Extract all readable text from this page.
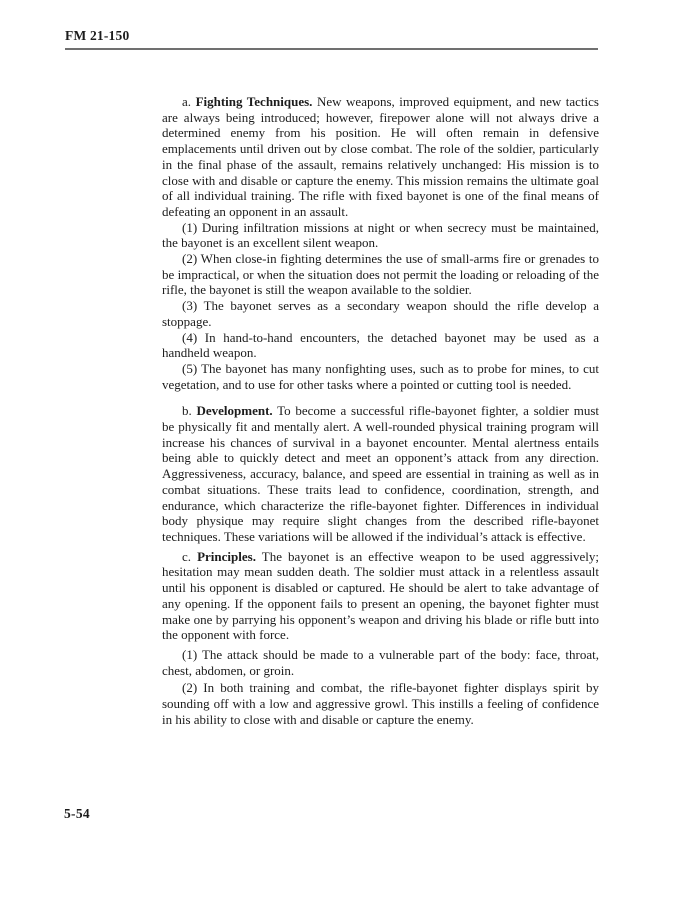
FM 21-150

a. Fighting Techniques. New weapons, improved equipment, and new tactics are always being introduced; however, firepower alone will not always drive a determined enemy from his position. He will often remain in defensive emplacements until driven out by close combat. The role of the soldier, particularly in the final phase of the assault, remains relatively unchanged: His mission is to close with and disable or capture the enemy. This mission remains the ultimate goal of all individual training. The rifle with fixed bayonet is one of the final means of defeating an opponent in an assault.

(1) During infiltration missions at night or when secrecy must be maintained, the bayonet is an excellent silent weapon.

(2) When close-in fighting determines the use of small-arms fire or grenades to be impractical, or when the situation does not permit the loading or reloading of the rifle, the bayonet is still the weapon available to the soldier.

(3) The bayonet serves as a secondary weapon should the rifle develop a stoppage.

(4) In hand-to-hand encounters, the detached bayonet may be used as a handheld weapon.

(5) The bayonet has many nonfighting uses, such as to probe for mines, to cut vegetation, and to use for other tasks where a pointed or cutting tool is needed.

b. Development. To become a successful rifle-bayonet fighter, a soldier must be physically fit and mentally alert. A well-rounded physical training program will increase his chances of survival in a bayonet encounter. Mental alertness entails being able to quickly detect and meet an opponent’s attack from any direction. Aggressiveness, accuracy, balance, and speed are essential in training as well as in combat situations. These traits lead to confidence, coordination, strength, and endurance, which characterize the rifle-bayonet fighter. Differences in individual body physique may require slight changes from the described rifle-bayonet techniques. These variations will be allowed if the individual’s attack is effective.

c. Principles. The bayonet is an effective weapon to be used aggressively; hesitation may mean sudden death. The soldier must attack in a relentless assault until his opponent is disabled or captured. He should be alert to take advantage of any opening. If the opponent fails to present an opening, the bayonet fighter must make one by parrying his opponent’s weapon and driving his blade or rifle butt into the opponent with force.

(1) The attack should be made to a vulnerable part of the body: face, throat, chest, abdomen, or groin.

(2) In both training and combat, the rifle-bayonet fighter displays spirit by sounding off with a low and aggressive growl. This instills a feeling of confidence in his ability to close with and disable or capture the enemy.

5-54
